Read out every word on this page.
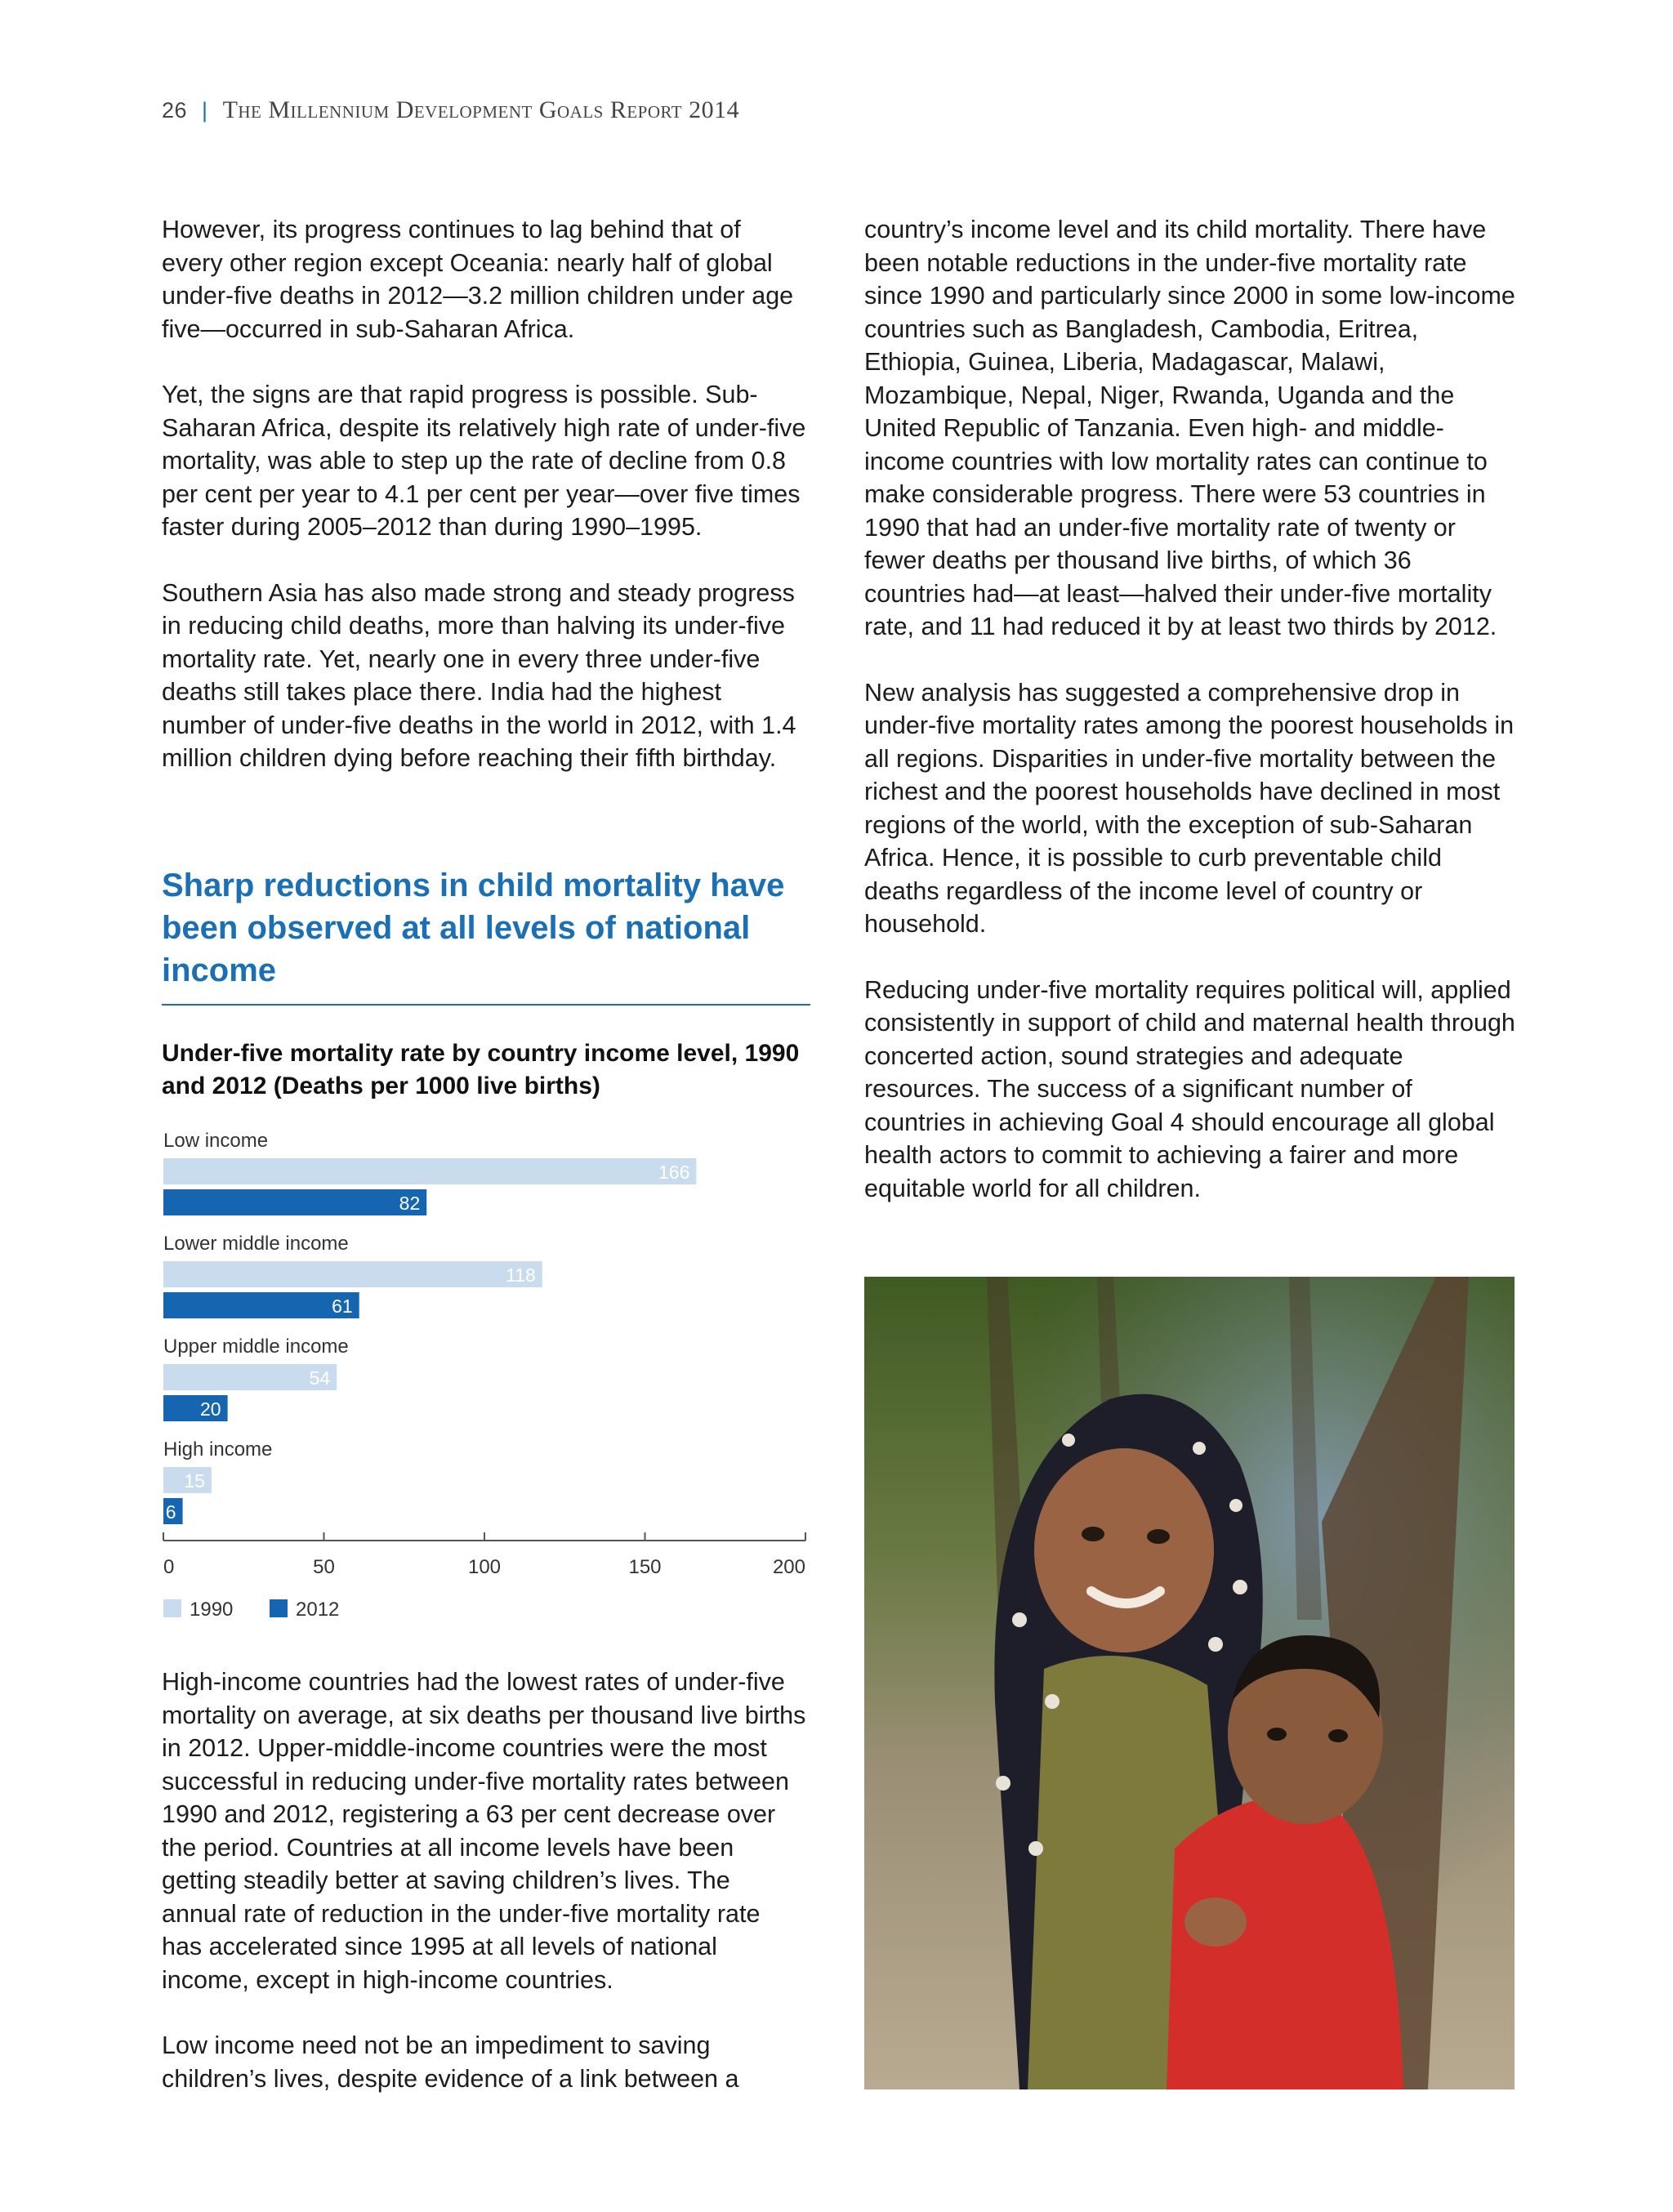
26 | The Millennium Development Goals Report 2014

However, its progress continues to lag behind that of every other region except Oceania: nearly half of global under-five deaths in 2012—3.2 million children under age five—occurred in sub-Saharan Africa.

Yet, the signs are that rapid progress is possible. Sub-Saharan Africa, despite its relatively high rate of under-five mortality, was able to step up the rate of decline from 0.8 per cent per year to 4.1 per cent per year—over five times faster during 2005–2012 than during 1990–1995.

Southern Asia has also made strong and steady progress in reducing child deaths, more than halving its under-five mortality rate. Yet, nearly one in every three under-five deaths still takes place there. India had the highest number of under-five deaths in the world in 2012, with 1.4 million children dying before reaching their fifth birthday.

Sharp reductions in child mortality have been observed at all levels of national income
Under-five mortality rate by country income level, 1990 and 2012 (Deaths per 1000 live births)
Low income
166
82
Lower middle income
118
61
Upper middle income
54
20
High income
15
6
0	50	100	150	200
1990	2012

High-income countries had the lowest rates of under-five mortality on average, at six deaths per thousand live births in 2012. Upper-middle-income countries were the most successful in reducing under-five mortality rates between 1990 and 2012, registering a 63 per cent decrease over the period. Countries at all income levels have been getting steadily better at saving children’s lives. The annual rate of reduction in the under-five mortality rate has accelerated since 1995 at all levels of national income, except in high-income countries.

Low income need not be an impediment to saving children’s lives, despite evidence of a link between a

country’s income level and its child mortality. There have been notable reductions in the under-five mortality rate since 1990 and particularly since 2000 in some low-income countries such as Bangladesh, Cambodia, Eritrea, Ethiopia, Guinea, Liberia, Madagascar, Malawi, Mozambique, Nepal, Niger, Rwanda, Uganda and the United Republic of Tanzania. Even high- and middle-income countries with low mortality rates can continue to make considerable progress. There were 53 countries in 1990 that had an under-five mortality rate of twenty or fewer deaths per thousand live births, of which 36 countries had—at least—halved their under-five mortality rate, and 11 had reduced it by at least two thirds by 2012.

New analysis has suggested a comprehensive drop in under-five mortality rates among the poorest households in all regions. Disparities in under-five mortality between the richest and the poorest households have declined in most regions of the world, with the exception of sub-Saharan Africa. Hence, it is possible to curb preventable child deaths regardless of the income level of country or household.

Reducing under-five mortality requires political will, applied consistently in support of child and maternal health through concerted action, sound strategies and adequate resources. The success of a significant number of countries in achieving Goal 4 should encourage all global health actors to commit to achieving a fairer and more equitable world for all children.
